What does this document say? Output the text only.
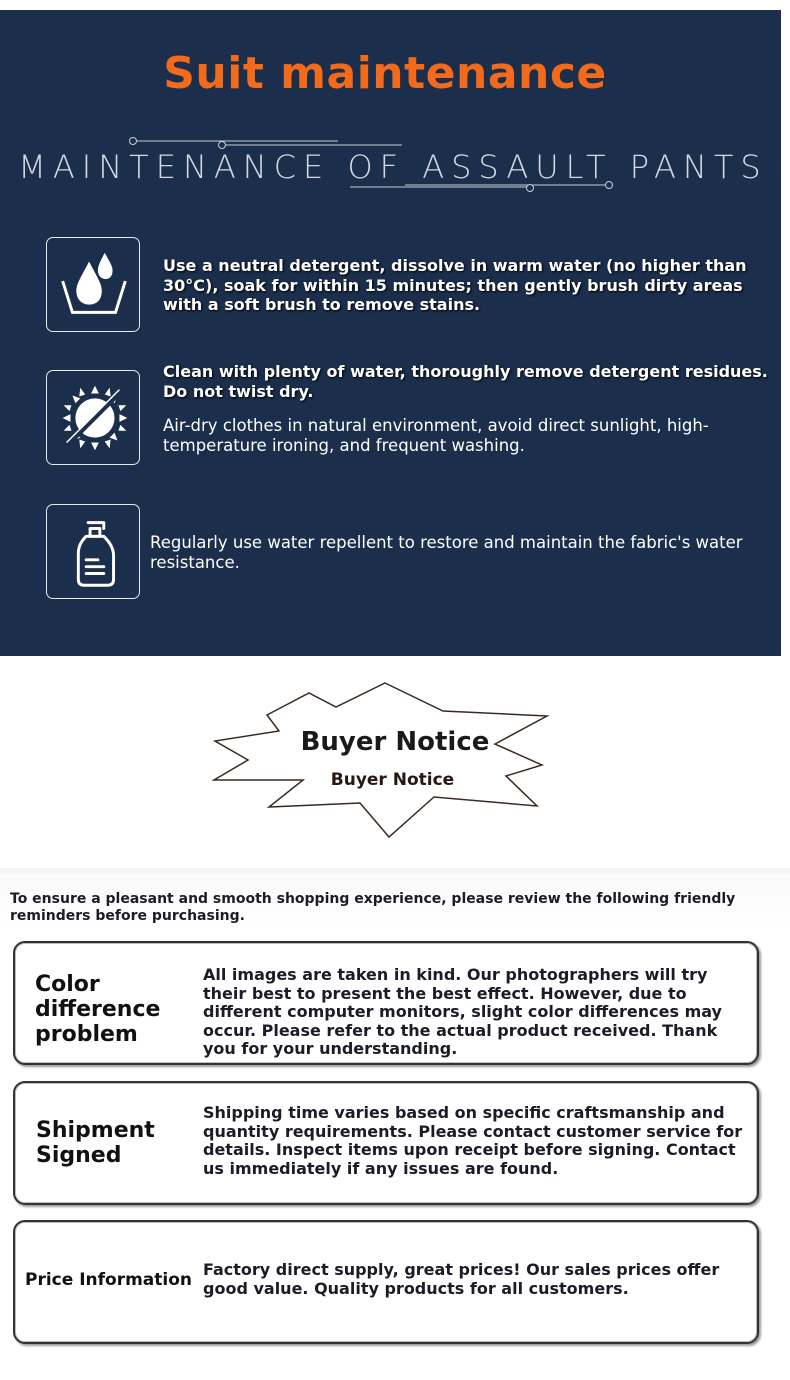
Suit maintenance
MAINTENANCE OF ASSAULT PANTS
Use a neutral detergent, dissolve in warm water (no higher than 30°C), soak for within 15 minutes; then gently brush dirty areas with a soft brush to remove stains.
Clean with plenty of water, thoroughly remove detergent residues. Do not twist dry.
Air-dry clothes in natural environment, avoid direct sunlight, high-temperature ironing, and frequent washing.
Regularly use water repellent to restore and maintain the fabric's water resistance.
Buyer Notice
Buyer Notice
To ensure a pleasant and smooth shopping experience, please review the following friendly reminders before purchasing.
Color difference problem
All images are taken in kind. Our photographers will try their best to present the best effect. However, due to different computer monitors, slight color differences may occur. Please refer to the actual product received. Thank you for your understanding.
Shipment Signed
Shipping time varies based on specific craftsmanship and quantity requirements. Please contact customer service for details. Inspect items upon receipt before signing. Contact us immediately if any issues are found.
Price Information
Factory direct supply, great prices! Our sales prices offer good value. Quality products for all customers.
